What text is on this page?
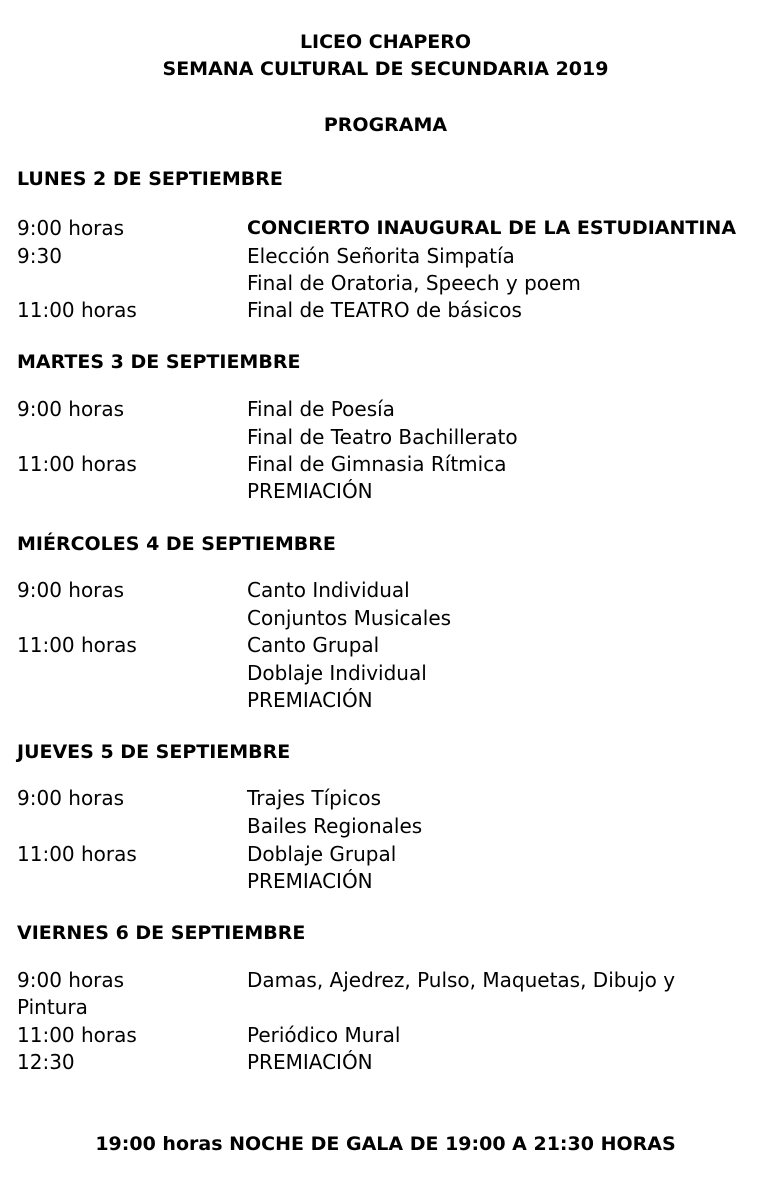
LICEO CHAPERO
SEMANA CULTURAL DE SECUNDARIA 2019
PROGRAMA
LUNES 2 DE SEPTIEMBRE
9:00 horas	CONCIERTO INAUGURAL DE LA ESTUDIANTINA
9:30	Elección Señorita Simpatía
Final de Oratoria, Speech y poem
11:00 horas	Final de TEATRO de básicos
MARTES 3 DE SEPTIEMBRE
9:00 horas	Final de Poesía
Final de Teatro Bachillerato
11:00 horas	Final de Gimnasia Rítmica
PREMIACIÓN
MIÉRCOLES 4 DE SEPTIEMBRE
9:00 horas	Canto Individual
Conjuntos Musicales
11:00 horas	Canto Grupal
Doblaje Individual
PREMIACIÓN
JUEVES 5 DE SEPTIEMBRE
9:00 horas	Trajes Típicos
Bailes Regionales
11:00 horas	Doblaje Grupal
PREMIACIÓN
VIERNES 6 DE SEPTIEMBRE
9:00 horas	Damas, Ajedrez, Pulso, Maquetas, Dibujo y
Pintura
11:00 horas	Periódico Mural
12:30	PREMIACIÓN
19:00 horas NOCHE DE GALA DE 19:00 A 21:30 HORAS
